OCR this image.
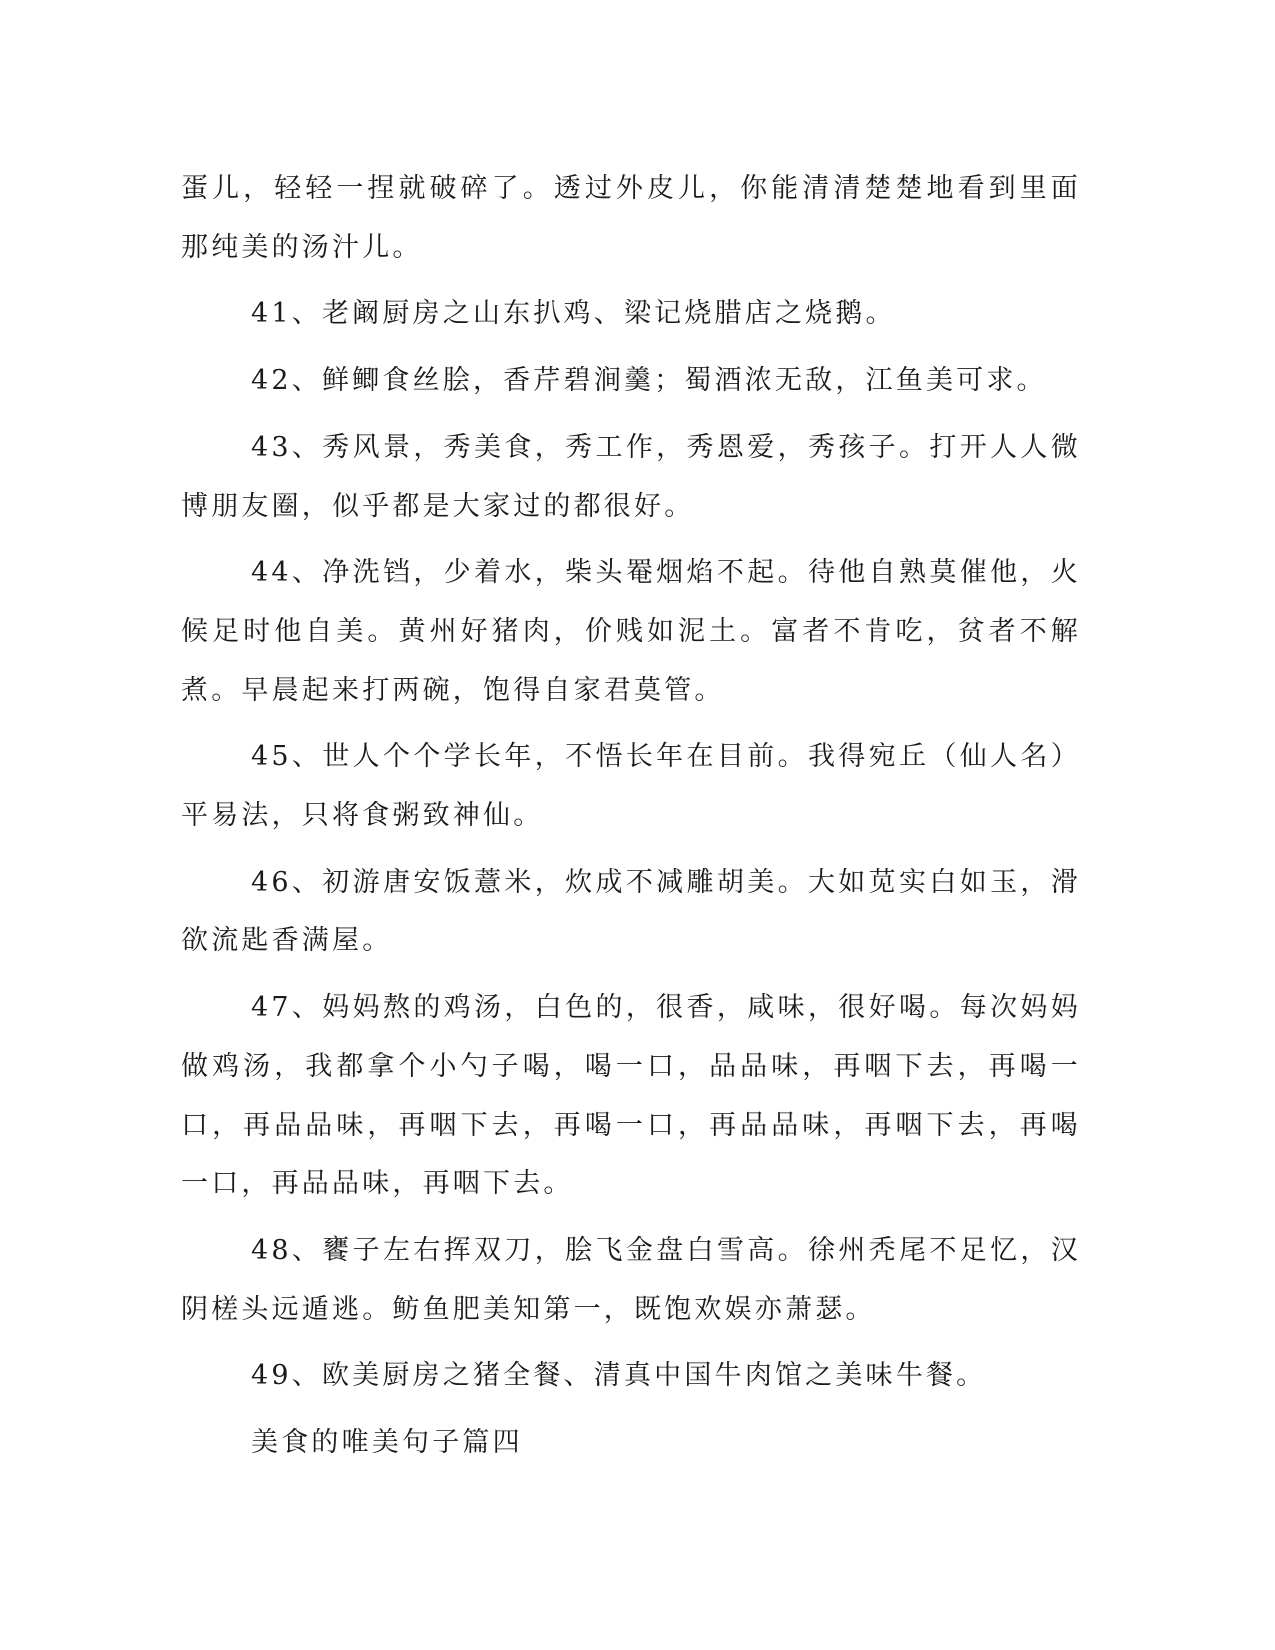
蛋儿，轻轻一捏就破碎了。透过外皮儿，你能清清楚楚地看到里面那纯美的汤汁儿。

41、老阚厨房之山东扒鸡、梁记烧腊店之烧鹅。

42、鲜鲫食丝脍，香芹碧涧羹；蜀酒浓无敌，江鱼美可求。

43、秀风景，秀美食，秀工作，秀恩爱，秀孩子。打开人人微博朋友圈，似乎都是大家过的都很好。

44、净洗铛，少着水，柴头罨烟焰不起。待他自熟莫催他，火候足时他自美。黄州好猪肉，价贱如泥土。富者不肯吃，贫者不解煮。早晨起来打两碗，饱得自家君莫管。

45、世人个个学长年，不悟长年在目前。我得宛丘（仙人名）平易法，只将食粥致神仙。

46、初游唐安饭薏米，炊成不减雕胡美。大如苋实白如玉，滑欲流匙香满屋。

47、妈妈熬的鸡汤，白色的，很香，咸味，很好喝。每次妈妈做鸡汤，我都拿个小勺子喝，喝一口，品品味，再咽下去，再喝一口，再品品味，再咽下去，再喝一口，再品品味，再咽下去，再喝一口，再品品味，再咽下去。

48、饔子左右挥双刀，脍飞金盘白雪高。徐州秃尾不足忆，汉阴槎头远遁逃。鲂鱼肥美知第一，既饱欢娱亦萧瑟。

49、欧美厨房之猪全餐、清真中国牛肉馆之美味牛餐。

美食的唯美句子篇四
